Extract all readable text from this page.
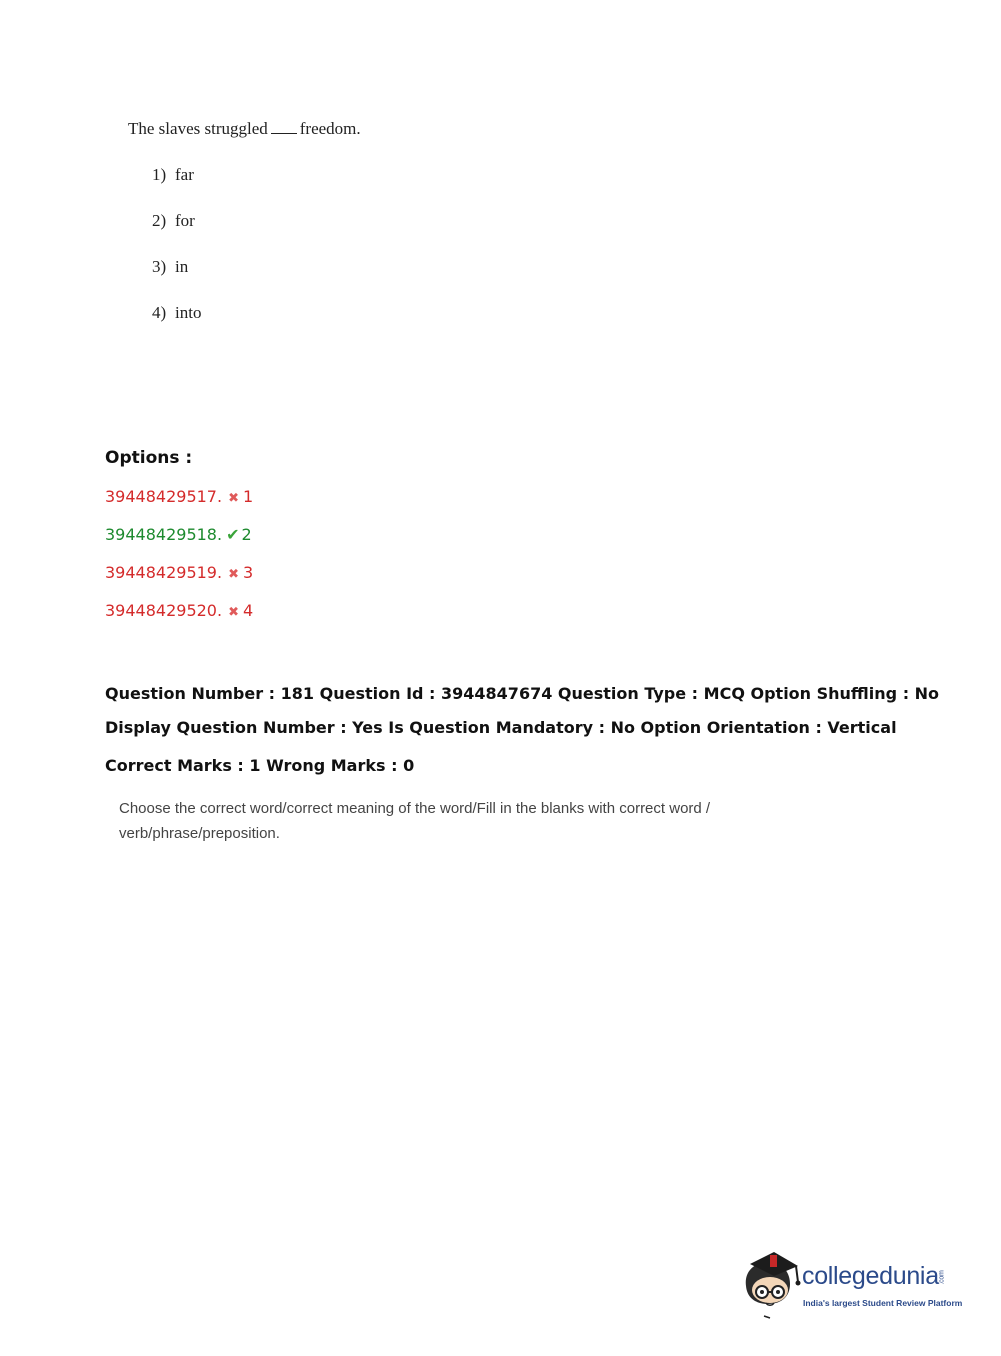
The slaves struggled freedom.

1) far
2) for
3) in
4) into
Options :
39448429517. ✖ 1
39448429518. ✔ 2
39448429519. ✖ 3
39448429520. ✖ 4

Question Number : 181 Question Id : 3944847674 Question Type : MCQ Option Shuffling : No

Display Question Number : Yes Is Question Mandatory : No Option Orientation : Vertical

Correct Marks : 1 Wrong Marks : 0

Choose the correct word/correct meaning of the word/Fill in the blanks with correct word /
verb/phrase/preposition.
collegedunia.com
India's largest Student Review Platform
